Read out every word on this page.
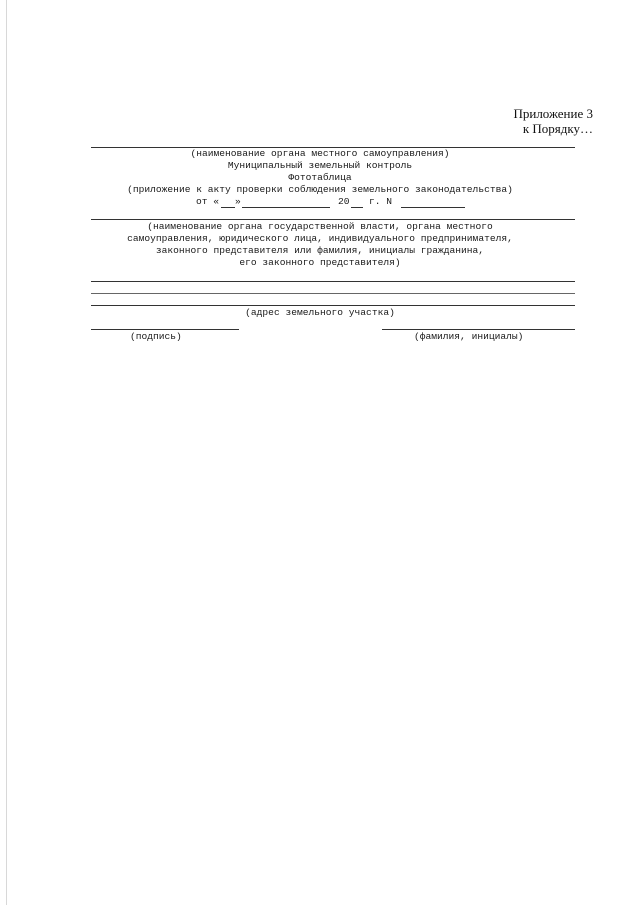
Приложение 3
к Порядку…
(наименование органа местного самоуправления)
Муниципальный земельный контроль
Фототаблица
(приложение к акту проверки соблюдения земельного законодательства)
от « »	20 г. N
(наименование органа государственной власти, органа местного
самоуправления, юридического лица, индивидуального предпринимателя,
законного представителя или фамилия, инициалы гражданина,
его законного представителя)
(адрес земельного участка)
(подпись)	(фамилия, инициалы)
